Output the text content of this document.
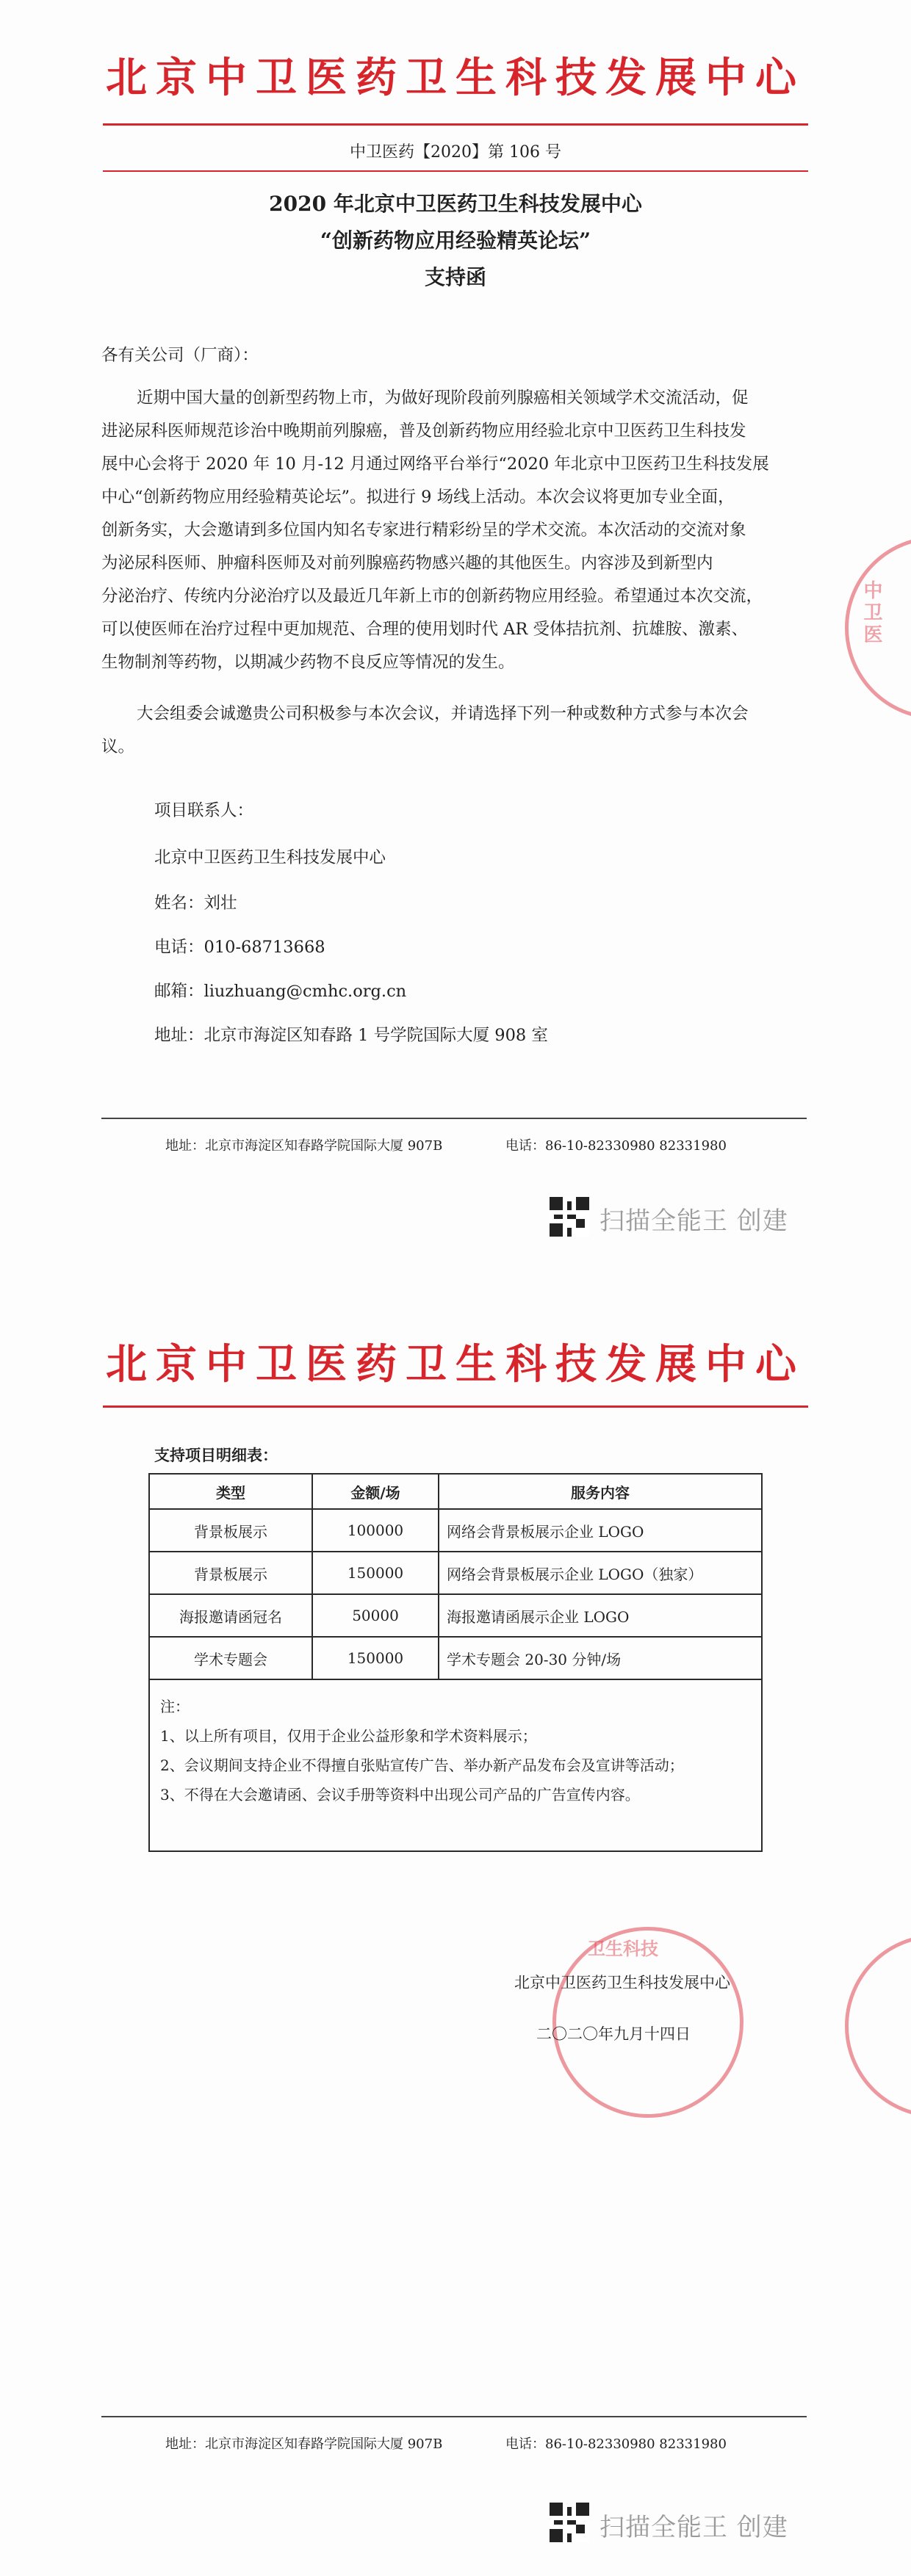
北京中卫医药卫生科技发展中心
中卫医药【2020】第 106 号
2020 年北京中卫医药卫生科技发展中心
“创新药物应用经验精英论坛”
支持函
各有关公司（厂商）：
近期中国大量的创新型药物上市，为做好现阶段前列腺癌相关领域学术交流活动，促
进泌尿科医师规范诊治中晚期前列腺癌，普及创新药物应用经验北京中卫医药卫生科技发
展中心会将于 2020 年 10 月-12 月通过网络平台举行“2020 年北京中卫医药卫生科技发展
中心“创新药物应用经验精英论坛”。拟进行 9 场线上活动。本次会议将更加专业全面，
创新务实，大会邀请到多位国内知名专家进行精彩纷呈的学术交流。本次活动的交流对象
为泌尿科医师、肿瘤科医师及对前列腺癌药物感兴趣的其他医生。内容涉及到新型内
分泌治疗、传统内分泌治疗以及最近几年新上市的创新药物应用经验。希望通过本次交流，
可以使医师在治疗过程中更加规范、合理的使用划时代 AR 受体拮抗剂、抗雄胺、激素、
生物制剂等药物，以期减少药物不良反应等情况的发生。
大会组委会诚邀贵公司积极参与本次会议，并请选择下列一种或数种方式参与本次会
议。
项目联系人：
北京中卫医药卫生科技发展中心
姓名：刘壮
电话：010-68713668
邮箱：liuzhuang@cmhc.org.cn
地址：北京市海淀区知春路 1 号学院国际大厦 908 室
中卫医
地址：北京市海淀区知春路学院国际大厦 907B	电话：86-10-82330980 82331980
扫描全能王 创建
北京中卫医药卫生科技发展中心
支持项目明细表：
类型	金额/场	服务内容
背景板展示	100000	网络会背景板展示企业 LOGO
背景板展示	150000	网络会背景板展示企业 LOGO（独家）
海报邀请函冠名	50000	海报邀请函展示企业 LOGO
学术专题会	150000	学术专题会 20-30 分钟/场

注：
1、以上所有项目，仅用于企业公益形象和学术资料展示；
2、会议期间支持企业不得擅自张贴宣传广告、举办新产品发布会及宣讲等活动；
3、不得在大会邀请函、会议手册等资料中出现公司产品的广告宣传内容。		
卫生科技
北京中卫医药卫生科技发展中心
二〇二〇年九月十四日
地址：北京市海淀区知春路学院国际大厦 907B	电话：86-10-82330980 82331980
扫描全能王 创建
